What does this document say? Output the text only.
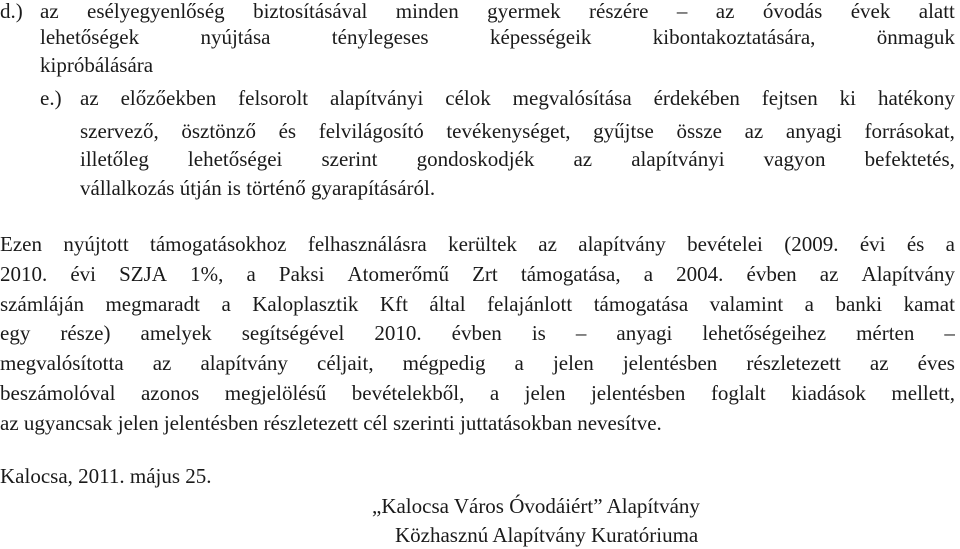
d.) az esélyegyenlőség biztosításával minden gyermek részére – az óvodás évek alatt
lehetőségek	nyújtása	ténylegeses	képességeik	kibontakoztatására,	önmaguk
kipróbálására
e.) az előzőekben felsorolt alapítványi célok megvalósítása érdekében fejtsen ki hatékony
szervező, ösztönző és felvilágosító tevékenységet, gyűjtse össze az anyagi forrásokat,
illetőleg lehetőségei szerint gondoskodjék az alapítványi vagyon befektetés,
vállalkozás útján is történő gyarapításáról.
Ezen nyújtott támogatásokhoz felhasználásra kerültek az alapítvány bevételei (2009. évi és a
2010. évi SZJA 1%, a Paksi Atomerőmű Zrt támogatása, a 2004. évben az Alapítvány
számláján megmaradt a Kaloplasztik Kft által felajánlott támogatása valamint a banki kamat
egy része) amelyek segítségével 2010. évben is – anyagi lehetőségeihez mérten –
megvalósította az alapítvány céljait, mégpedig a jelen jelentésben részletezett az éves
beszámolóval azonos megjelölésű bevételekből, a jelen jelentésben foglalt kiadások mellett,
az ugyancsak jelen jelentésben részletezett cél szerinti juttatásokban nevesítve.
Kalocsa, 2011. május 25.
„Kalocsa Város Óvodáiért” Alapítvány
Közhasznú Alapítvány Kuratóriuma
